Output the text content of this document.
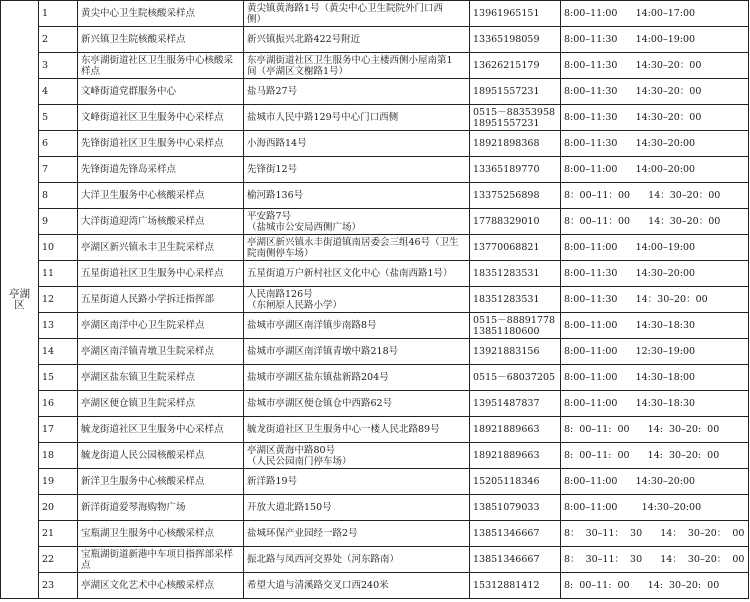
亭湖区	1	黄尖中心卫生院核酸采样点	黄尖镇黄海路1号（黄尖中心卫生院院外门口西
侧）	13961965151	8:00–11:00      14:00–17:00
	2	新兴镇卫生院核酸采样点	新兴镇振兴北路422号附近	13365198059	8:00–11:30      14:00–19:00
	3	东亭湖街道社区卫生服务中心核酸采
样点	东亭湖街道社区卫生服务中心主楼西侧小屋南第1
间（亭湖区文榭路1号）	13626215179	8:00–11:30      14:30–20：00
	4	文峰街道党群服务中心	盐马路27号	18951557231	8:00–11:30      14:30–20：00
	5	文峰街道社区卫生服务中心采样点	盐城市人民中路129号中心门口西侧	0515－88353958
18951557231	8:00–11:30      14:30–20：00
	6	先锋街道社区卫生服务中心采样点	小海西路14号	18921898368	8:00–11:30      14:30–20:00
	7	先锋街道先锋岛采样点	先锋街12号	13365189770	8:00–11:00      14:00–20:00
	8	大洋卫生服务中心核酸采样点	榆河路136号	13375256898	8：00–11：00      14：30–20：00
	9	大洋街道迎湾广场核酸采样点	平安路7号
（盐城市公安局西侧广场）	17788329010	8：00–11：00      14：30–20：00
	10	亭湖区新兴镇永丰卫生院采样点	亭湖区新兴镇永丰街道镇南居委会三组46号（卫生
院南侧停车场）	13770068821	8:00–11:00      14:00–19:00
	11	五星街道社区卫生服务中心采样点	五星街道万户新村社区文化中心（盐南西路1号）	18351283531	8:00–11:30      14:30–20:00
	12	五星街道人民路小学拆迁指挥部	人民南路126号
（东闸原人民路小学）	18351283531	8:00–11:30      14：30–20：00
	13	亭湖区南洋中心卫生院采样点	盐城市亭湖区南洋镇步南路8号	0515－88891778
13851180600	8:00–11:00      14:30–18:30
	14	亭湖区南洋镇青墩卫生院采样点	盐城市亭湖区南洋镇青墩中路218号	13921883156	8:00–11:00      12:30–19:00
	15	亭湖区盐东镇卫生院采样点	盐城市亭湖区盐东镇盐新路204号	0515－68037205	8:00–11:00      14:30–18:00
	16	亭湖区便仓镇卫生院采样点	盐城市亭湖区便仓镇仓中西路62号	13951487837	8:00–11:00      14:30–18:30
	17	毓龙街道社区卫生服务中心采样点	毓龙街道社区卫生服务中心一楼人民北路89号	18921889663	8:  00–11:  00      14:  30–20:  00
	18	毓龙街道人民公园核酸采样点	亭湖区黄海中路80号
（人民公园南门停车场）	18921889663	8:  00–11:  00      14:  30–20:  00
	19	新洋卫生服务中心核酸采样点	新洋路19号	15205118346	8:00–11:00      14:30–20:00
	20	新洋街道爱琴海购物广场	开放大道北路150号	13851079033	8:00–11:00        14:30–20:00
	21	宝瓶湖卫生服务中心核酸采样点	盐城环保产业园经一路2号	13851346667	8：  30–11：  30      14：  30–20：  00
	22	宝瓶湖街道新港中车项目指挥部采样
点	振北路与凤西河交界处（河东路南）	13851346667	8：  30–11：  30      14：  30–20：  00
	23	亭湖区文化艺术中心核酸采样点	希望大道与清溪路交叉口西240米	15312881412	8:  00–11:  00      14:  30–20:  00
